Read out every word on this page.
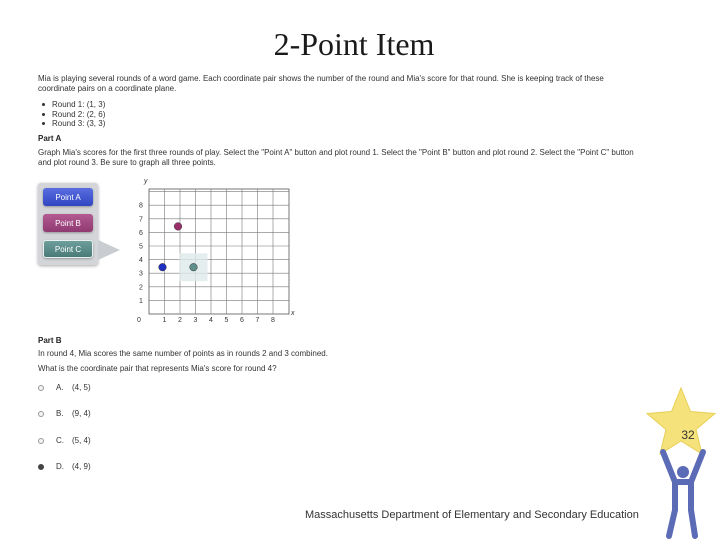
2-Point Item
Mia is playing several rounds of a word game. Each coordinate pair shows the number of the round and Mia's score for that round. She is keeping track of these coordinate pairs on a coordinate plane.
Round 1: (1, 3)
Round 2: (2, 6)
Round 3: (3, 3)
Part A
Graph Mia's scores for the first three rounds of play. Select the "Point A" button and plot round 1. Select the "Point B" button and plot round 2. Select the "Point C" button and plot round 3. Be sure to graph all three points.
Point A
Point B
Point C
0	1 2 3 4 5 6 7 8
1
2
3
4
5
6
7
8
y
x
Part B
In round 4, Mia scores the same number of points as in rounds 2 and 3 combined.
What is the coordinate pair that represents Mia's score for round 4?
A.	(4, 5)
B.	(9, 4)
C.	(5, 4)
D.	(4, 9)
Massachusetts Department of Elementary and Secondary Education
32
